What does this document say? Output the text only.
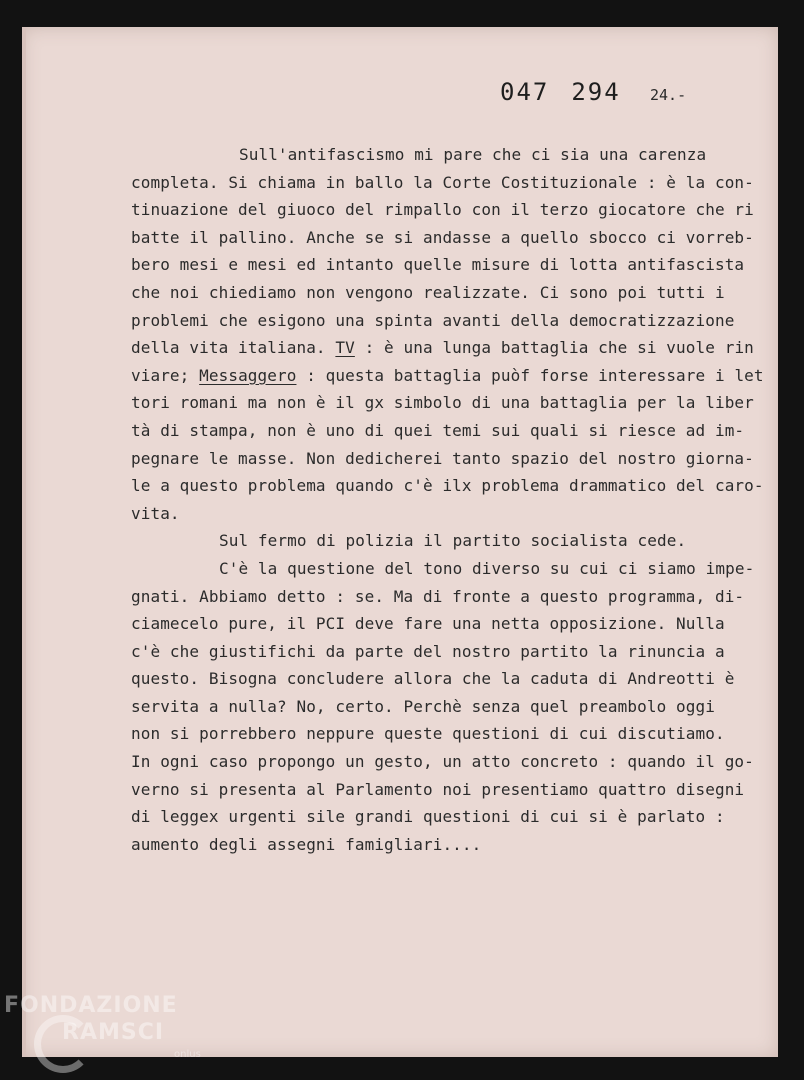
047 294 24.-
Sull'antifascismo mi pare che ci sia una carenza
completa. Si chiama in ballo la Corte Costituzionale : è la con-
tinuazione del giuoco del rimpallo con il terzo giocatore che ri
batte il pallino. Anche se si andasse a quello sbocco ci vorreb-
bero mesi e mesi ed intanto quelle misure di lotta antifascista
che noi chiediamo non vengono realizzate. Ci sono poi tutti i
problemi che esigono una spinta avanti della democratizzazione
della vita italiana. TV : è una lunga battaglia che si vuole rin
viare; Messaggero : questa battaglia puòf forse interessare i let
tori romani ma non è il gx simbolo di una battaglia per la liber
tà di stampa, non è uno di quei temi sui quali si riesce ad im-
pegnare le masse. Non dedicherei tanto spazio del nostro giorna-
le a questo problema quando c'è ilx problema drammatico del caro-
vita.
Sul fermo di polizia il partito socialista cede.
C'è la questione del tono diverso su cui ci siamo impe-
gnati. Abbiamo detto : se. Ma di fronte a questo programma, di-
ciamecelo pure, il PCI deve fare una netta opposizione. Nulla
c'è che giustifichi da parte del nostro partito la rinuncia a
questo. Bisogna concludere allora che la caduta di Andreotti è
servita a nulla? No, certo. Perchè senza quel preambolo oggi
non si porrebbero neppure queste questioni di cui discutiamo.
In ogni caso propongo un gesto, un atto concreto : quando il go-
verno si presenta al Parlamento noi presentiamo quattro disegni
di leggex urgenti sile grandi questioni di cui si è parlato :
aumento degli assegni famigliari....
FONDAZIONE
RAMSCI
onlus
